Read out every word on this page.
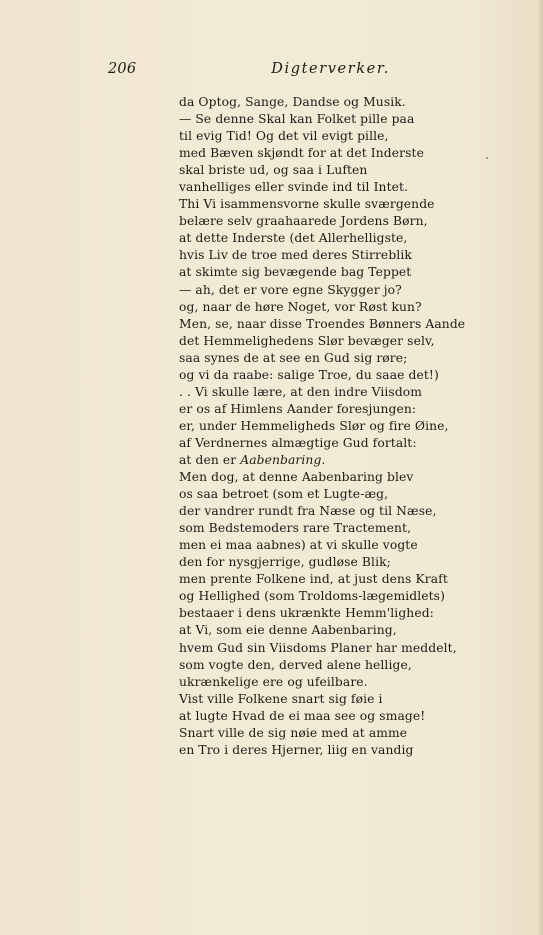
206	Digterverker.
da Optog, Sange, Dandse og Musik.
— Se denne Skal kan Folket pille paa
til evig Tid! Og det vil evigt pille,
med Bæven skjøndt for at det Inderste
skal briste ud, og saa i Luften
vanhelliges eller svinde ind til Intet.
Thi Vi isammensvorne skulle sværgende
belære selv graahaarede Jordens Børn,
at dette Inderste (det Allerhelligste,
hvis Liv de troe med deres Stirreblik
at skimte sig bevægende bag Teppet
— ah, det er vore egne Skygger jo?
og, naar de høre Noget, vor Røst kun?
Men, se, naar disse Troendes Bønners Aande
det Hemmelighedens Slør bevæger selv,
saa synes de at see en Gud sig røre;
og vi da raabe: salige Troe, du saae det!)
. . Vi skulle lære, at den indre Viisdom
er os af Himlens Aander foresjungen:
er, under Hemmeligheds Slør og fire Øine,
af Verdnernes almægtige Gud fortalt:
at den er Aabenbaring.
Men dog, at denne Aabenbaring blev
os saa betroet (som et Lugte-æg,
der vandrer rundt fra Næse og til Næse,
som Bedstemoders rare Tractement,
men ei maa aabnes) at vi skulle vogte
den for nysgjerrige, gudløse Blik;
men prente Folkene ind, at just dens Kraft
og Hellighed (som Troldoms-lægemidlets)
bestaaer i dens ukrænkte Hemm'lighed:
at Vi, som eie denne Aabenbaring,
hvem Gud sin Viisdoms Planer har meddelt,
som vogte den, derved alene hellige,
ukrænkelige ere og ufeilbare.
Vist ville Folkene snart sig føie i
at lugte Hvad de ei maa see og smage!
Snart ville de sig nøie med at amme
en Tro i deres Hjerner, liig en vandig
